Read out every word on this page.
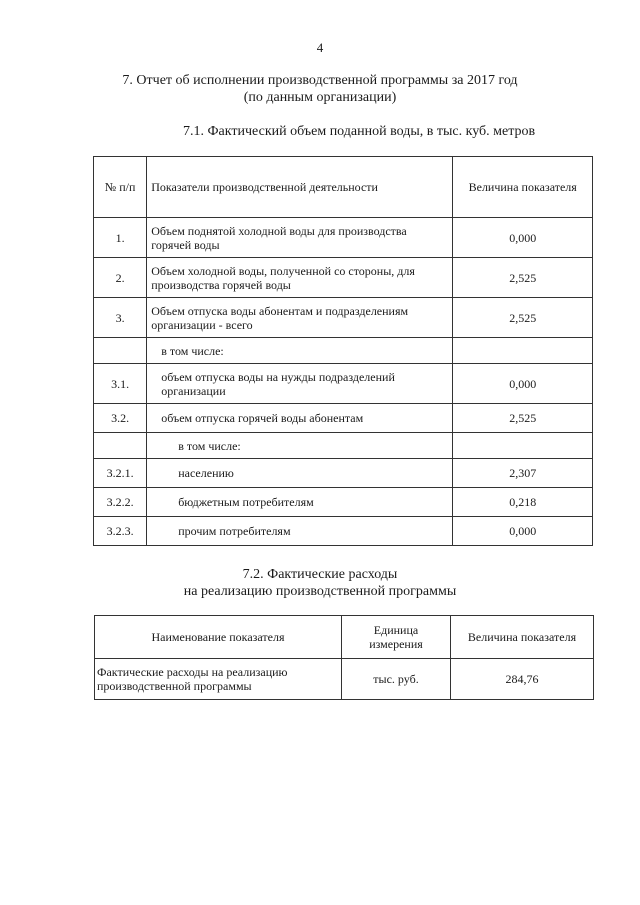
4
7. Отчет об исполнении производственной программы за 2017 год
(по данным организации)
7.1. Фактический объем поданной воды, в тыс. куб. метров
№ п/п	Показатели производственной деятельности	Величина показателя
1.	Объем поднятой холодной воды для производства горячей воды	0,000
2.	Объем холодной воды, полученной со стороны, для производства горячей воды	2,525
3.	Объем отпуска воды абонентам и подразделениям организации - всего	2,525
	в том числе:	
3.1.	объем отпуска воды на нужды подразделений организации	0,000
3.2.	объем отпуска горячей воды абонентам	2,525
	в том числе:	
3.2.1.	населению	2,307
3.2.2.	бюджетным потребителям	0,218
3.2.3.	прочим потребителям	0,000
7.2. Фактические расходы
на реализацию производственной программы
Наименование показателя	Единица измерения	Величина показателя
Фактические расходы на реализацию производственной программы	тыс. руб.	284,76
